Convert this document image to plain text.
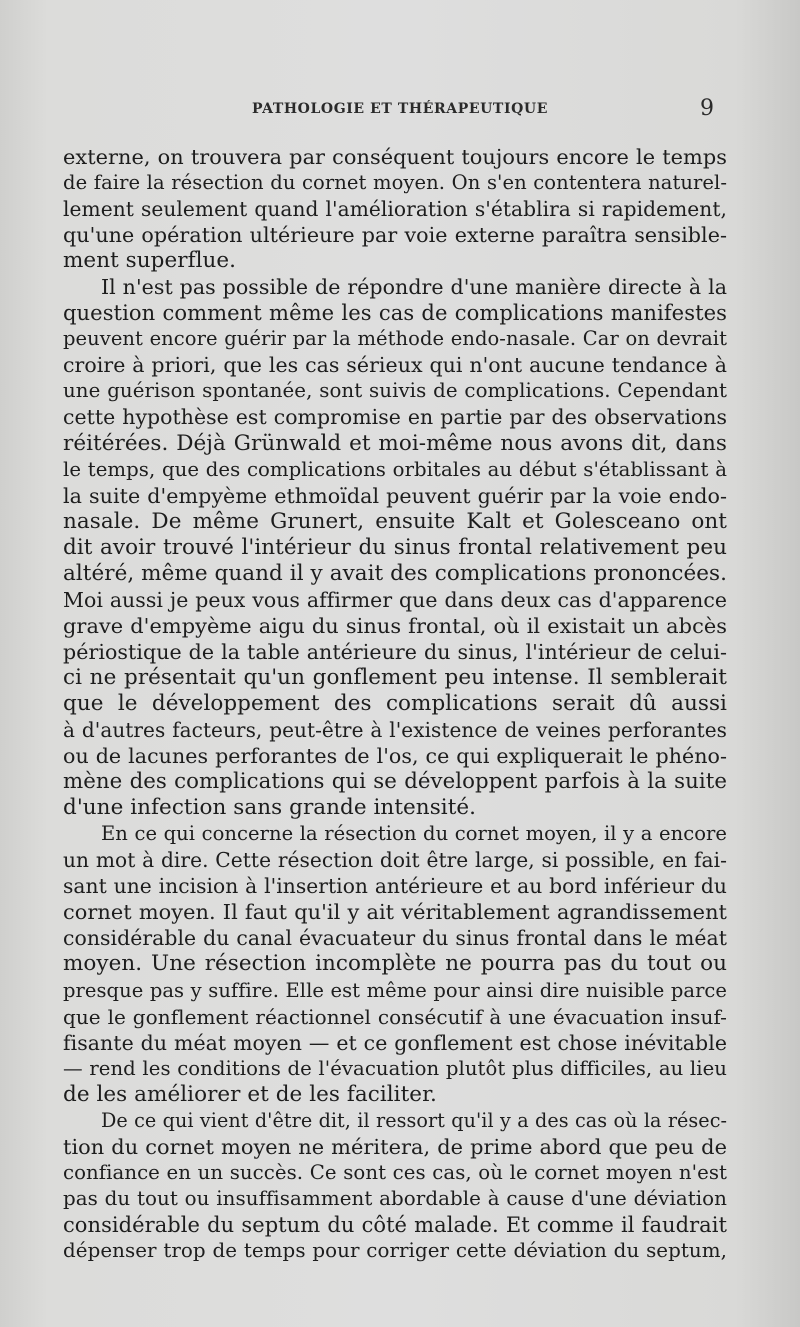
PATHOLOGIE ET THÉRAPEUTIQUE	9
externe, on trouvera par conséquent toujours encore le temps
de faire la résection du cornet moyen. On s'en contentera naturel-
lement seulement quand l'amélioration s'établira si rapidement,
qu'une opération ultérieure par voie externe paraîtra sensible-
ment superflue.
Il n'est pas possible de répondre d'une manière directe à la
question comment même les cas de complications manifestes
peuvent encore guérir par la méthode endo-nasale. Car on devrait
croire à priori, que les cas sérieux qui n'ont aucune tendance à
une guérison spontanée, sont suivis de complications. Cependant
cette hypothèse est compromise en partie par des observations
réitérées. Déjà Grünwald et moi-même nous avons dit, dans
le temps, que des complications orbitales au début s'établissant à
la suite d'empyème ethmoïdal peuvent guérir par la voie endo-
nasale. De même Grunert, ensuite Kalt et Golesceano ont
dit avoir trouvé l'intérieur du sinus frontal relativement peu
altéré, même quand il y avait des complications prononcées.
Moi aussi je peux vous affirmer que dans deux cas d'apparence
grave d'empyème aigu du sinus frontal, où il existait un abcès
périostique de la table antérieure du sinus, l'intérieur de celui-
ci ne présentait qu'un gonflement peu intense. Il semblerait
que le développement des complications serait dû aussi
à d'autres facteurs, peut-être à l'existence de veines perforantes
ou de lacunes perforantes de l'os, ce qui expliquerait le phéno-
mène des complications qui se développent parfois à la suite
d'une infection sans grande intensité.
En ce qui concerne la résection du cornet moyen, il y a encore
un mot à dire. Cette résection doit être large, si possible, en fai-
sant une incision à l'insertion antérieure et au bord inférieur du
cornet moyen. Il faut qu'il y ait véritablement agrandissement
considérable du canal évacuateur du sinus frontal dans le méat
moyen. Une résection incomplète ne pourra pas du tout ou
presque pas y suffire. Elle est même pour ainsi dire nuisible parce
que le gonflement réactionnel consécutif à une évacuation insuf-
fisante du méat moyen — et ce gonflement est chose inévitable
— rend les conditions de l'évacuation plutôt plus difficiles, au lieu
de les améliorer et de les faciliter.
De ce qui vient d'être dit, il ressort qu'il y a des cas où la résec-
tion du cornet moyen ne méritera, de prime abord que peu de
confiance en un succès. Ce sont ces cas, où le cornet moyen n'est
pas du tout ou insuffisamment abordable à cause d'une déviation
considérable du septum du côté malade. Et comme il faudrait
dépenser trop de temps pour corriger cette déviation du septum,
